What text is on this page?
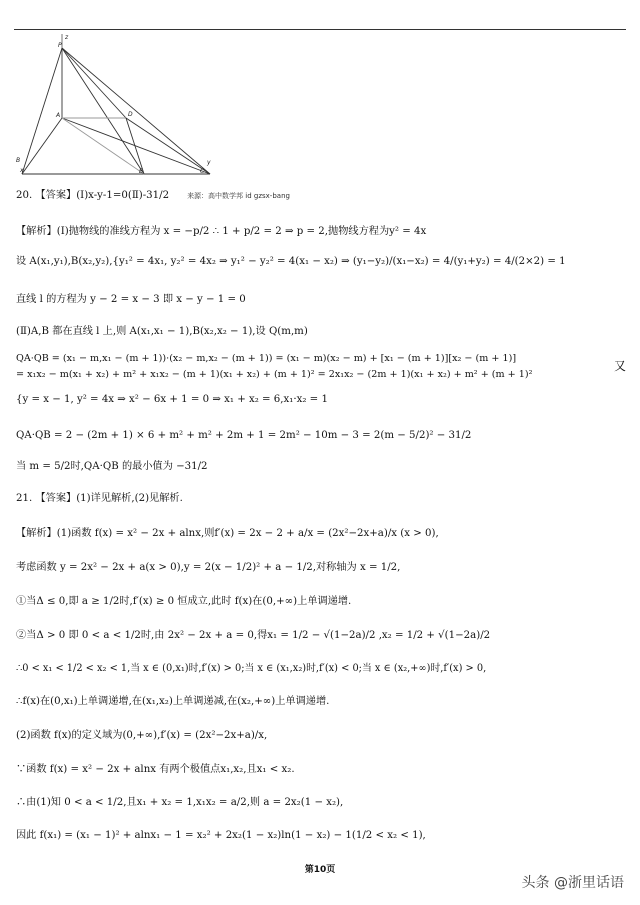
P
z
A	D
B
x	E	C
y
20. 【答案】(Ⅰ)x-y-1=0(Ⅱ)-31/2	来源：高中数学邦 id gzsx-bang
【解析】(Ⅰ)抛物线的准线方程为 x = −p/2 ∴ 1 + p/2 = 2 ⇒ p = 2,抛物线方程为y² = 4x
设 A(x₁,y₁),B(x₂,y₂),{y₁² = 4x₁, y₂² = 4x₂ ⇒ y₁² − y₂² = 4(x₁ − x₂) ⇒ (y₁−y₂)/(x₁−x₂) = 4/(y₁+y₂) = 4/(2×2) = 1
直线 l 的方程为 y − 2 = x − 3 即 x − y − 1 = 0
(Ⅱ)A,B 都在直线 l 上,则 A(x₁,x₁ − 1),B(x₂,x₂ − 1),设 Q(m,m)
QA·QB = (x₁ − m,x₁ − (m + 1))·(x₂ − m,x₂ − (m + 1)) = (x₁ − m)(x₂ − m) + [x₁ − (m + 1)][x₂ − (m + 1)]
= x₁x₂ − m(x₁ + x₂) + m² + x₁x₂ − (m + 1)(x₁ + x₂) + (m + 1)² = 2x₁x₂ − (2m + 1)(x₁ + x₂) + m² + (m + 1)²
{y = x − 1, y² = 4x ⇒ x² − 6x + 1 = 0 ⇒ x₁ + x₂ = 6,x₁·x₂ = 1
QA·QB = 2 − (2m + 1) × 6 + m² + m² + 2m + 1 = 2m² − 10m − 3 = 2(m − 5/2)² − 31/2
当 m = 5/2时,QA·QB 的最小值为 −31/2
21. 【答案】(1)详见解析,(2)见解析.
【解析】(1)函数 f(x) = x² − 2x + alnx,则f′(x) = 2x − 2 + a/x = (2x²−2x+a)/x (x > 0),
考虑函数 y = 2x² − 2x + a(x > 0),y = 2(x − 1/2)² + a − 1/2,对称轴为 x = 1/2,
①当Δ ≤ 0,即 a ≥ 1/2时,f′(x) ≥ 0 恒成立,此时 f(x)在(0,+∞)上单调递增.
②当Δ > 0 即 0 < a < 1/2时,由 2x² − 2x + a = 0,得x₁ = 1/2 − √(1−2a)/2 ,x₂ = 1/2 + √(1−2a)/2
∴0 < x₁ < 1/2 < x₂ < 1,当 x ∈ (0,x₁)时,f′(x) > 0;当 x ∈ (x₁,x₂)时,f′(x) < 0;当 x ∈ (x₂,+∞)时,f′(x) > 0,
∴f(x)在(0,x₁)上单调递增,在(x₁,x₂)上单调递减,在(x₂,+∞)上单调递增.
(2)函数 f(x)的定义域为(0,+∞),f′(x) = (2x²−2x+a)/x,
∵函数 f(x) = x² − 2x + alnx 有两个极值点x₁,x₂,且x₁ < x₂.
∴由(1)知 0 < a < 1/2,且x₁ + x₂ = 1,x₁x₂ = a/2,则 a = 2x₂(1 − x₂),
因此 f(x₁) = (x₁ − 1)² + alnx₁ − 1 = x₂² + 2x₂(1 − x₂)ln(1 − x₂) − 1(1/2 < x₂ < 1),
又
第10页
头条 @浙里话语
